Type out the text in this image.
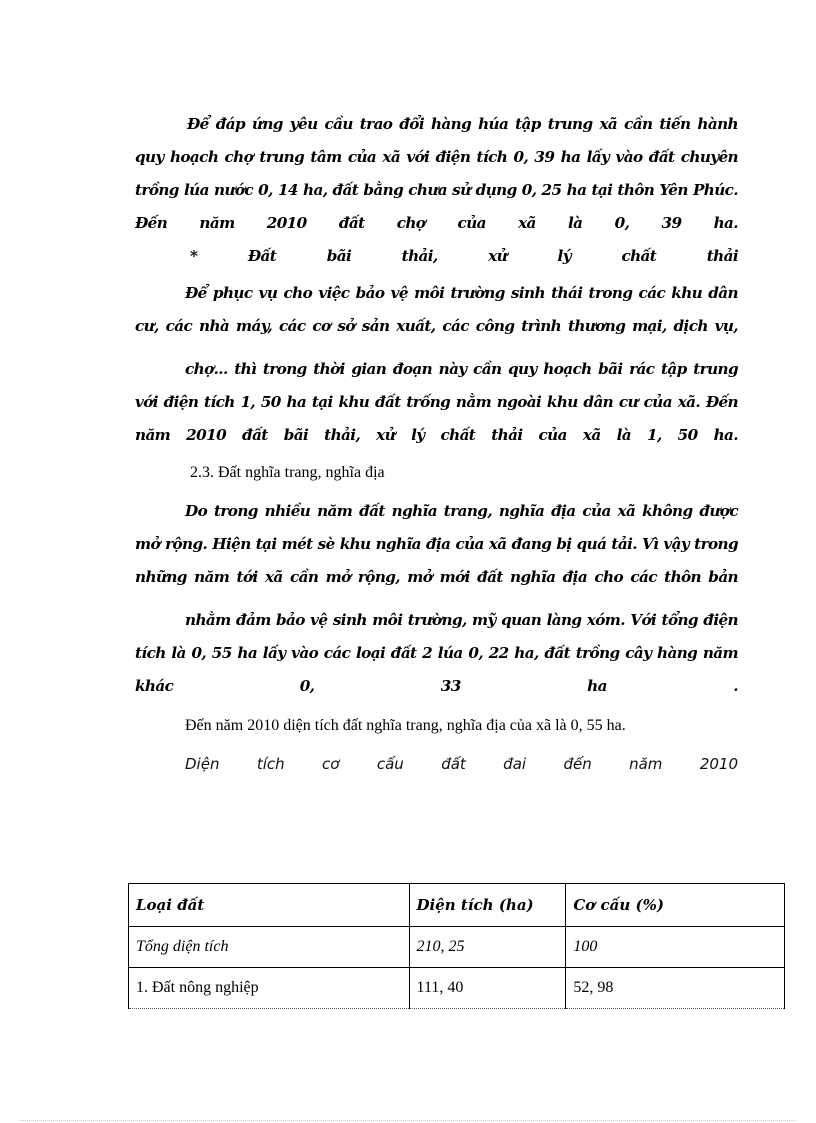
Để đáp ứng yêu cầu trao đổi hàng húa tập trung xã cần tiến hành
quy hoạch chợ trung tâm của xã với điện tích 0, 39 ha lấy vào đất chuyên
trồng lúa nước 0, 14 ha, đất bằng chưa sử dụng 0, 25 ha tại thôn Yên Phúc.
Đến năm 2010 đất chợ của xã là 0, 39 ha.

* Đất bãi thải, xử lý chất thải

Để phục vụ cho việc bảo vệ môi trường sinh thái trong các khu dân
cư, các nhà máy, các cơ sở sản xuất, các công trình thương mại, dịch vụ,
chợ... thì trong thời gian đoạn này cần quy hoạch bãi rác tập trung
với điện tích 1, 50 ha tại khu đất trống nằm ngoài khu dân cư của xã. Đến
năm 2010 đất bãi thải, xử lý chất thải của xã là 1, 50 ha.

2.3. Đất nghĩa trang, nghĩa địa

Do trong nhiều năm đất nghĩa trang, nghĩa địa của xã không được
mở rộng. Hiện tại mét sè khu nghĩa địa của xã đang bị quá tải. Vì vậy trong
những năm tới xã cần mở rộng, mở mới đất nghĩa địa cho các thôn bản
nhằm đảm bảo vệ sinh môi trường, mỹ quan làng xóm. Với tổng điện
tích là 0, 55 ha lấy vào các loại đất 2 lúa 0, 22 ha, đất trồng cây hàng năm
khác 0, 33 ha .

Đến năm 2010 diện tích đất nghĩa trang, nghĩa địa của xã là 0, 55 ha.

Diện tích cơ cấu đất đai đến năm 2010

Loại đất	Diện tích (ha)	Cơ cấu (%)
Tổng diện tích	210, 25	100
1. Đất nông nghiệp	111, 40	52, 98
